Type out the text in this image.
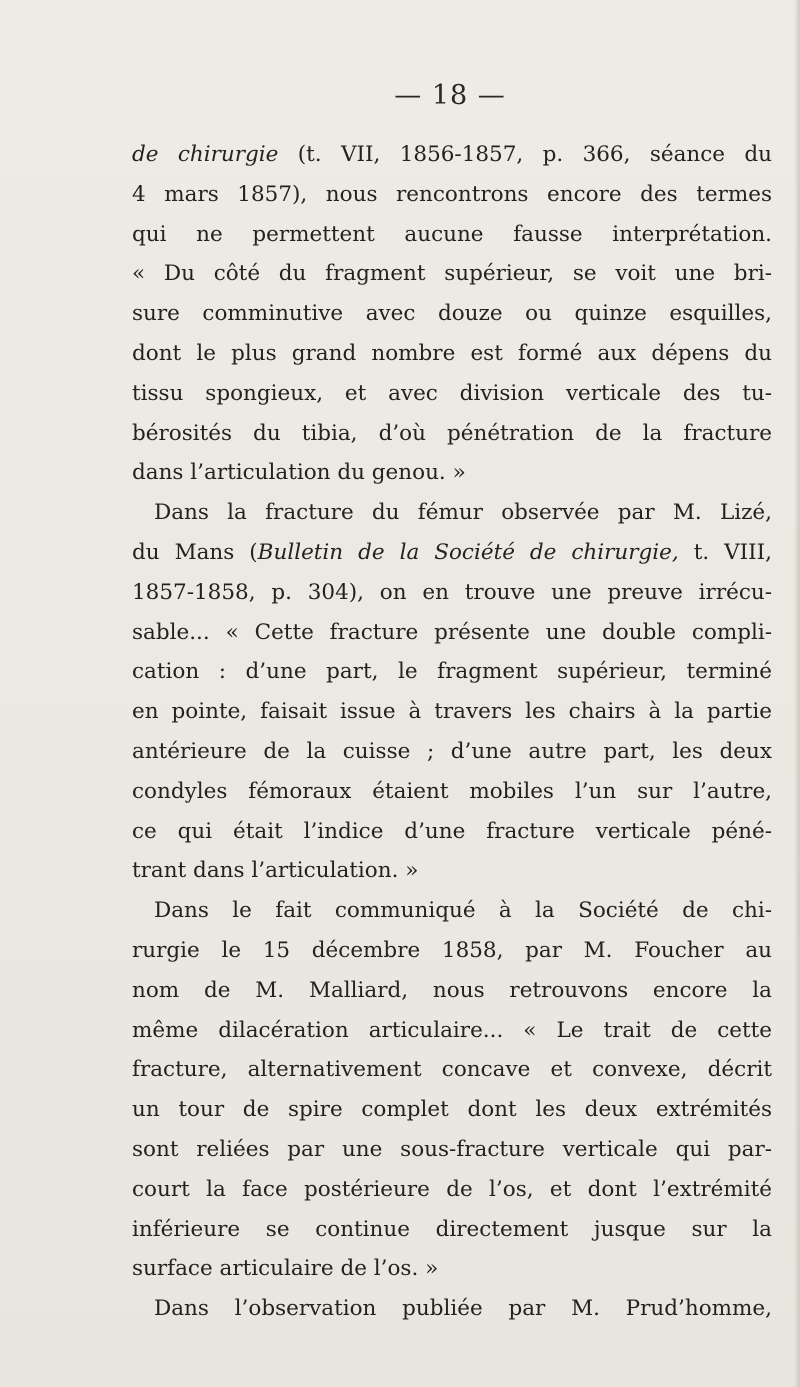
— 18 —
de chirurgie (t. VII, 1856-1857, p. 366, séance du
4 mars 1857), nous rencontrons encore des termes
qui ne permettent aucune fausse interprétation.
« Du côté du fragment supérieur, se voit une bri-
sure comminutive avec douze ou quinze esquilles,
dont le plus grand nombre est formé aux dépens du
tissu spongieux, et avec division verticale des tu-
bérosités du tibia, d’où pénétration de la fracture
dans l’articulation du genou. »
Dans la fracture du fémur observée par M. Lizé,
du Mans (Bulletin de la Société de chirurgie, t. VIII,
1857-1858, p. 304), on en trouve une preuve irrécu-
sable... « Cette fracture présente une double compli-
cation : d’une part, le fragment supérieur, terminé
en pointe, faisait issue à travers les chairs à la partie
antérieure de la cuisse ; d’une autre part, les deux
condyles fémoraux étaient mobiles l’un sur l’autre,
ce qui était l’indice d’une fracture verticale péné-
trant dans l’articulation. »
Dans le fait communiqué à la Société de chi-
rurgie le 15 décembre 1858, par M. Foucher au
nom de M. Malliard, nous retrouvons encore la
même dilacération articulaire... « Le trait de cette
fracture, alternativement concave et convexe, décrit
un tour de spire complet dont les deux extrémités
sont reliées par une sous-fracture verticale qui par-
court la face postérieure de l’os, et dont l’extrémité
inférieure se continue directement jusque sur la
surface articulaire de l’os. »
Dans l’observation publiée par M. Prud’homme,
